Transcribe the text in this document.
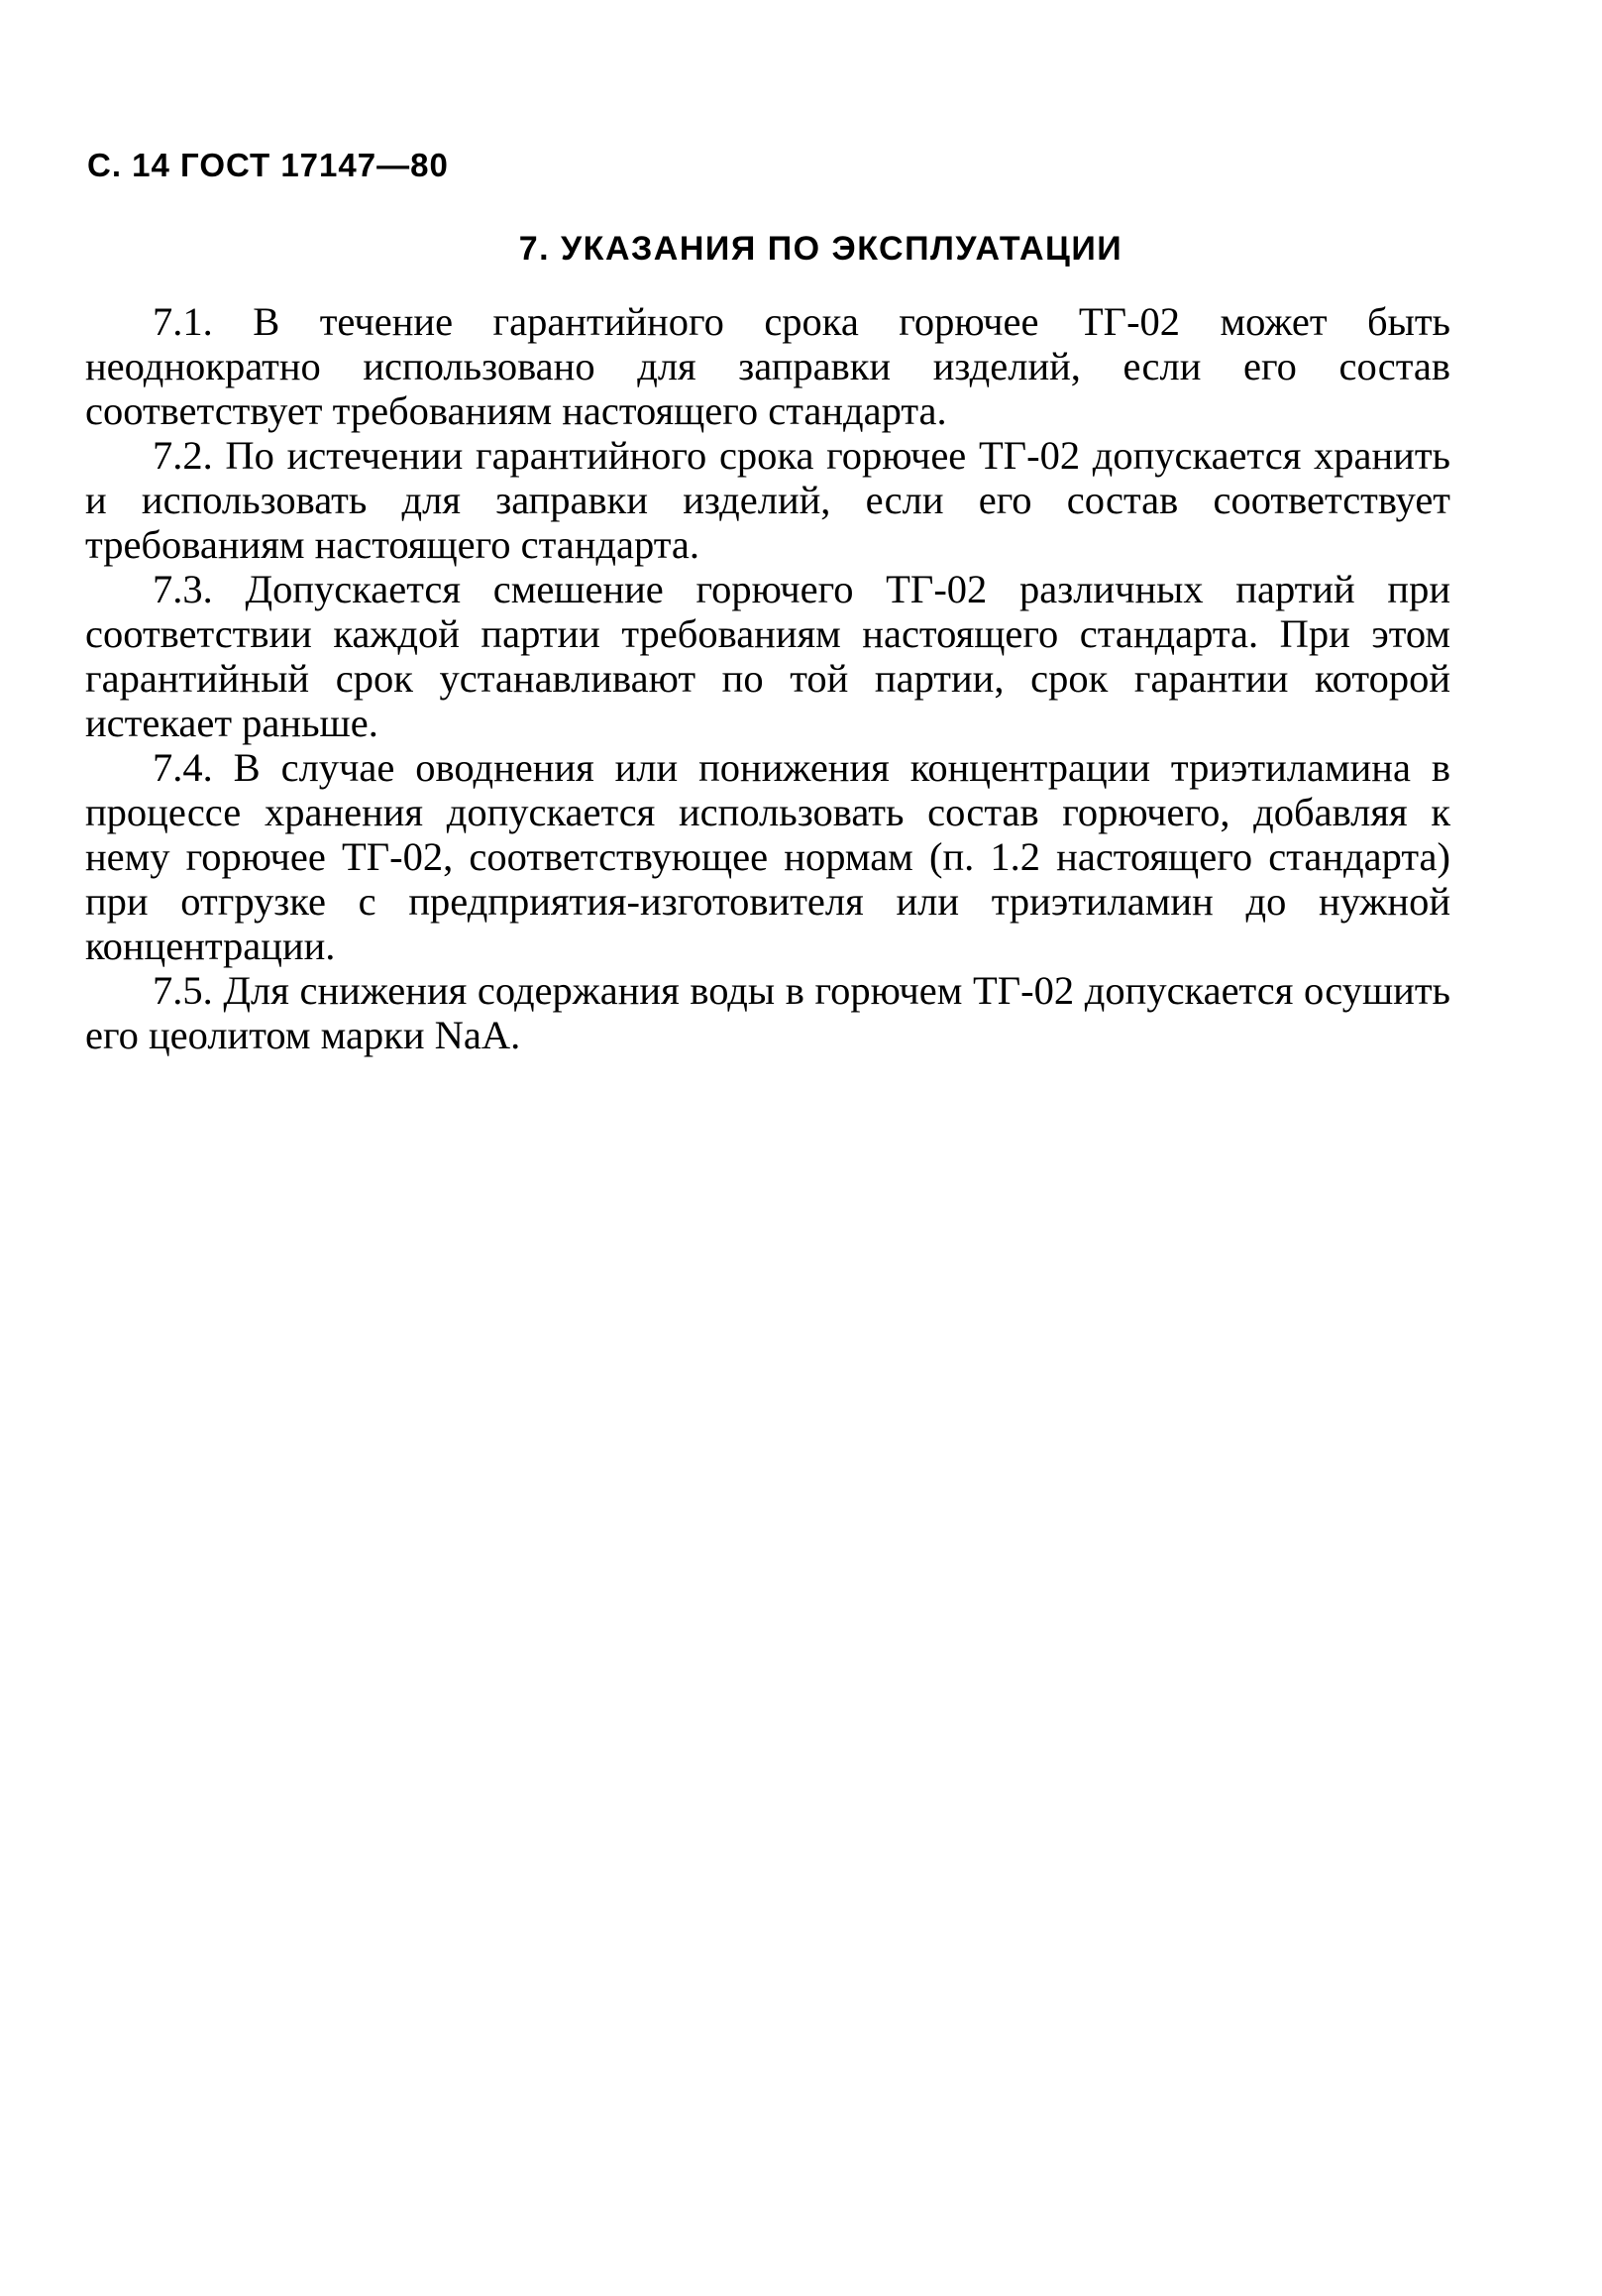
С. 14 ГОСТ 17147—80
7. УКАЗАНИЯ ПО ЭКСПЛУАТАЦИИ

7.1. В течение гарантийного срока горючее ТГ-02 может быть неоднократно использовано для заправки изделий, если его состав соответствует требованиям настоящего стандарта.

7.2. По истечении гарантийного срока горючее ТГ-02 допускается хранить и использовать для заправки изделий, если его состав соответствует требованиям настоящего стандарта.

7.3. Допускается смешение горючего ТГ-02 различных партий при соответствии каждой партии требованиям настоящего стандарта. При этом гарантийный срок устанавливают по той партии, срок гарантии которой истекает раньше.

7.4. В случае оводнения или понижения концентрации триэтиламина в процессе хранения допускается использовать состав горючего, добавляя к нему горючее ТГ-02, соответствующее нормам (п. 1.2 настоящего стандарта) при отгрузке с предприятия-изготовителя или триэтиламин до нужной концентрации.

7.5. Для снижения содержания воды в горючем ТГ-02 допускается осушить его цеолитом марки NaA.
